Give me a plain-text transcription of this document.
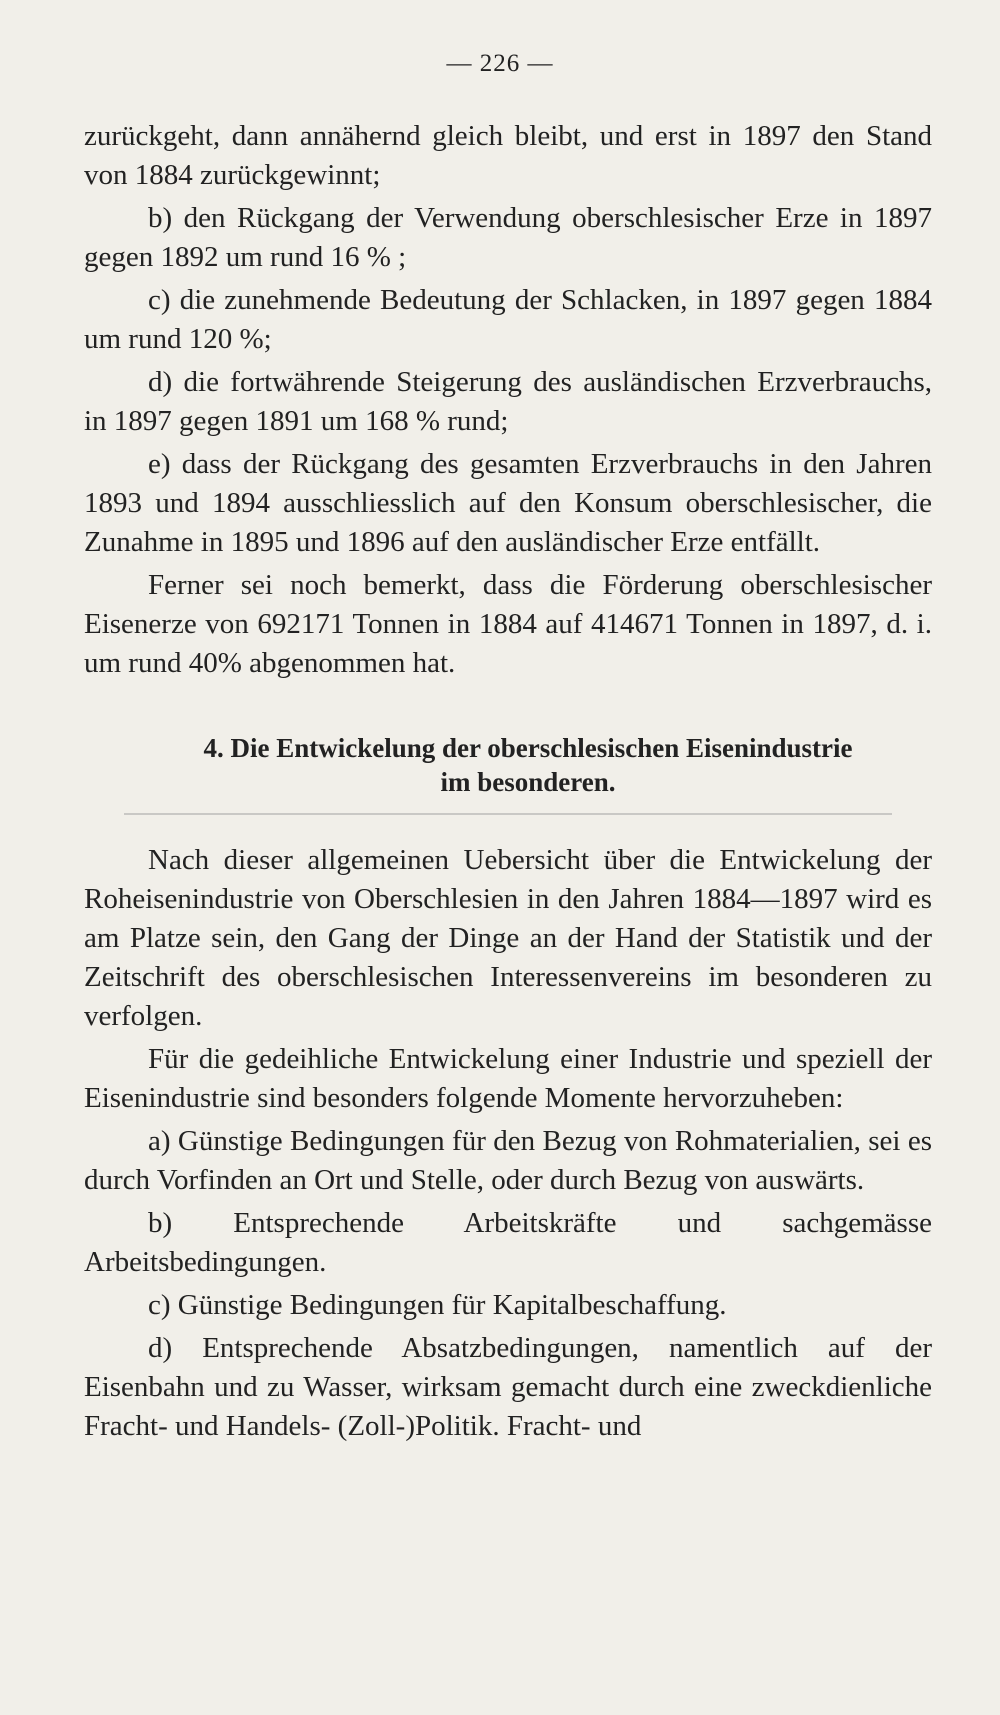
— 226 —

zurückgeht, dann annähernd gleich bleibt, und erst in 1897 den Stand von 1884 zurückgewinnt;

b) den Rückgang der Verwendung oberschlesischer Erze in 1897 gegen 1892 um rund 16 % ;

c) die zunehmende Bedeutung der Schlacken, in 1897 gegen 1884 um rund 120 %;

d) die fortwährende Steigerung des ausländischen Erzverbrauchs, in 1897 gegen 1891 um 168 % rund;

e) dass der Rückgang des gesamten Erzverbrauchs in den Jahren 1893 und 1894 ausschliesslich auf den Konsum oberschlesischer, die Zunahme in 1895 und 1896 auf den ausländischer Erze entfällt.

Ferner sei noch bemerkt, dass die Förderung oberschlesischer Eisenerze von 692171 Tonnen in 1884 auf 414671 Tonnen in 1897, d. i. um rund 40% abgenommen hat.

4. Die Entwickelung der oberschlesischen Eisenindustrie
im besonderen.

Nach dieser allgemeinen Uebersicht über die Entwickelung der Roheisenindustrie von Oberschlesien in den Jahren 1884—1897 wird es am Platze sein, den Gang der Dinge an der Hand der Statistik und der Zeitschrift des oberschlesischen Interessenvereins im besonderen zu verfolgen.

Für die gedeihliche Entwickelung einer Industrie und speziell der Eisenindustrie sind besonders folgende Momente hervorzuheben:

a) Günstige Bedingungen für den Bezug von Rohmaterialien, sei es durch Vorfinden an Ort und Stelle, oder durch Bezug von auswärts.

b) Entsprechende Arbeitskräfte und sachgemässe Arbeitsbedingungen.

c) Günstige Bedingungen für Kapitalbeschaffung.

d) Entsprechende Absatzbedingungen, namentlich auf der Eisenbahn und zu Wasser, wirksam gemacht durch eine zweckdienliche Fracht- und Handels- (Zoll-)Politik. Fracht- und
